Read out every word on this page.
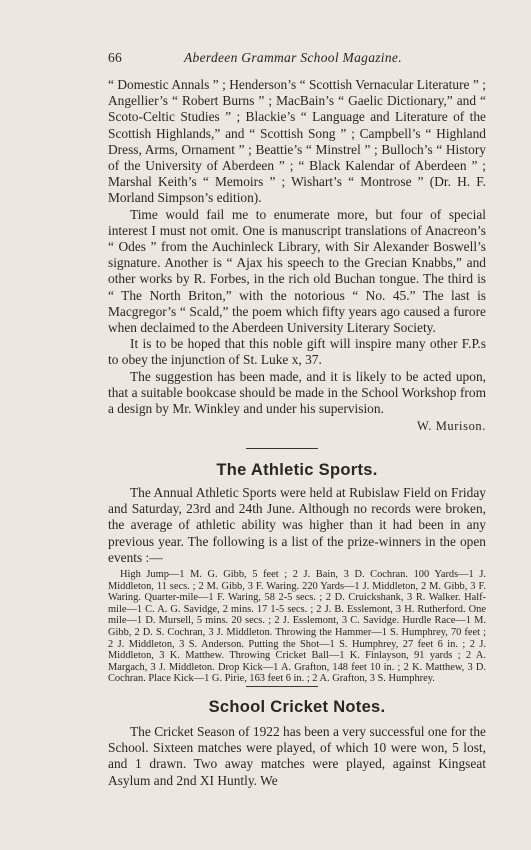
66	Aberdeen Grammar School Magazine.

“ Domestic Annals ” ; Henderson’s “ Scottish Vernacular Literature ” ; Angellier’s “ Robert Burns ” ; MacBain’s “ Gaelic Dictionary,” and “ Scoto-Celtic Studies ” ; Blackie’s “ Language and Literature of the Scottish Highlands,” and “ Scottish Song ” ; Campbell’s “ Highland Dress, Arms, Ornament ” ; Beattie’s “ Minstrel ” ; Bulloch’s “ History of the University of Aberdeen ” ; “ Black Kalendar of Aberdeen ” ; Marshal Keith’s “ Memoirs ” ; Wishart’s “ Montrose ” (Dr. H. F. Morland Simpson’s edition).

Time would fail me to enumerate more, but four of special interest I must not omit. One is manuscript translations of Anacreon’s “ Odes ” from the Auchinleck Library, with Sir Alexander Boswell’s signature. Another is “ Ajax his speech to the Grecian Knabbs,” and other works by R. Forbes, in the rich old Buchan tongue. The third is “ The North Briton,” with the notorious “ No. 45.” The last is Macgregor’s “ Scald,” the poem which fifty years ago caused a furore when declaimed to the Aberdeen University Literary Society.

It is to be hoped that this noble gift will inspire many other F.P.s to obey the injunction of St. Luke x, 37.

The suggestion has been made, and it is likely to be acted upon, that a suitable bookcase should be made in the School Workshop from a design by Mr. Winkley and under his supervision.

W. Murison.

The Athletic Sports.

The Annual Athletic Sports were held at Rubislaw Field on Friday and Saturday, 23rd and 24th June. Although no records were broken, the average of athletic ability was higher than it had been in any previous year. The following is a list of the prize-winners in the open events :—

High Jump—1 M. G. Gibb, 5 feet ; 2 J. Bain, 3 D. Cochran. 100 Yards—1 J. Middleton, 11 secs. ; 2 M. Gibb, 3 F. Waring. 220 Yards—1 J. Middleton, 2 M. Gibb, 3 F. Waring. Quarter-mile—1 F. Waring, 58 2-5 secs. ; 2 D. Cruickshank, 3 R. Walker. Half-mile—1 C. A. G. Savidge, 2 mins. 17 1-5 secs. ; 2 J. B. Esslemont, 3 H. Rutherford. One mile—1 D. Mursell, 5 mins. 20 secs. ; 2 J. Esslemont, 3 C. Savidge. Hurdle Race—1 M. Gibb, 2 D. S. Cochran, 3 J. Middleton. Throwing the Hammer—1 S. Humphrey, 70 feet ; 2 J. Middleton, 3 S. Anderson. Putting the Shot—1 S. Humphrey, 27 feet 6 in. ; 2 J. Middleton, 3 K. Matthew. Throwing Cricket Ball—1 K. Finlayson, 91 yards ; 2 A. Margach, 3 J. Middleton. Drop Kick—1 A. Grafton, 148 feet 10 in. ; 2 K. Matthew, 3 D. Cochran. Place Kick—1 G. Pirie, 163 feet 6 in. ; 2 A. Grafton, 3 S. Humphrey.

School Cricket Notes.

The Cricket Season of 1922 has been a very successful one for the School. Sixteen matches were played, of which 10 were won, 5 lost, and 1 drawn. Two away matches were played, against Kingseat Asylum and 2nd XI Huntly. We
